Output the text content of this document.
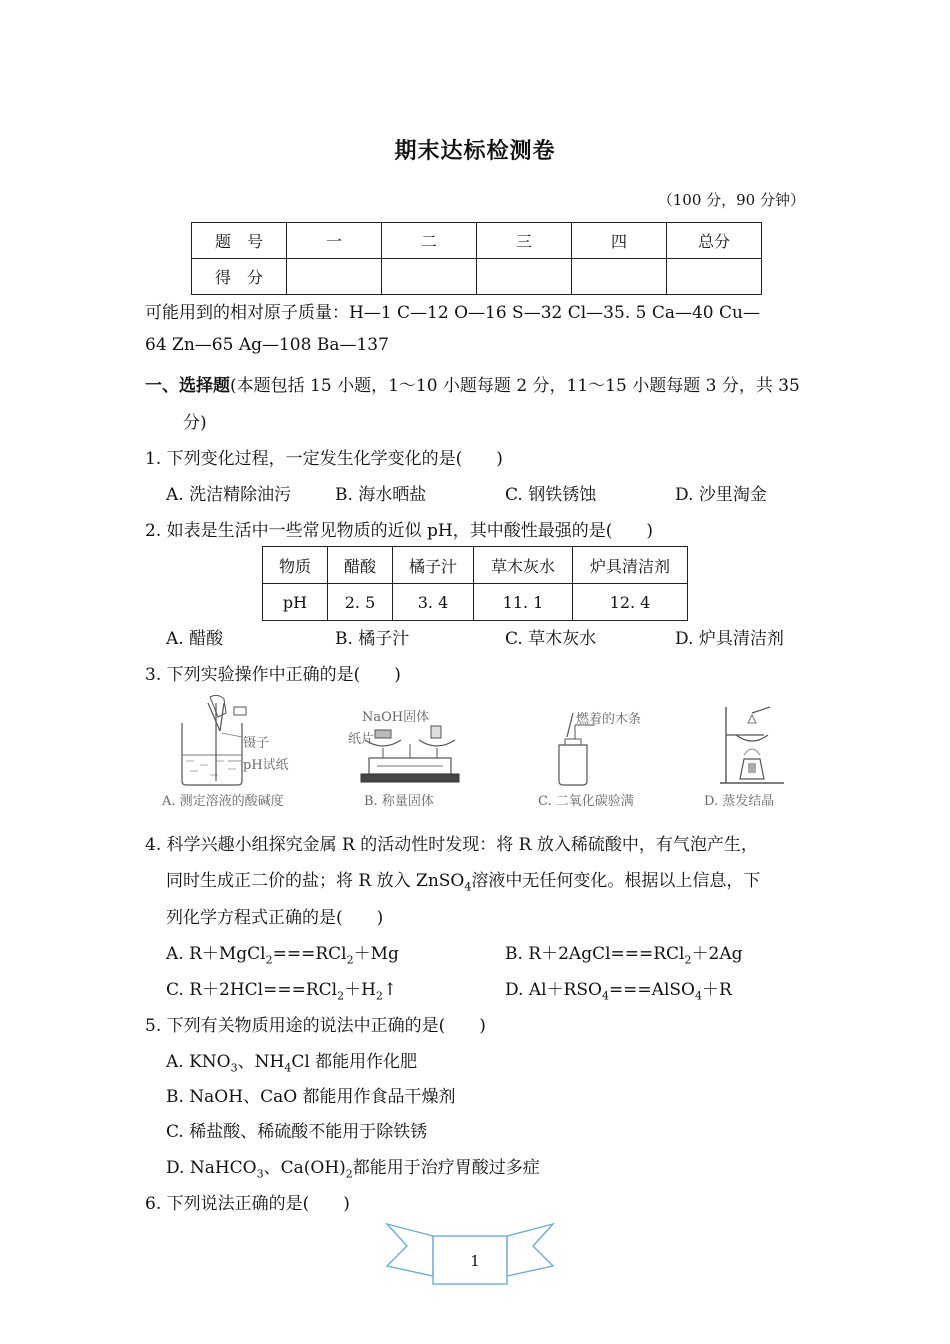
期末达标检测卷
（100 分，90 分钟）
题　号	一	二	三	四	总分
得　分					
可能用到的相对原子质量：H—1 C—12 O—16 S—32 Cl—35. 5 Ca—40 Cu—
64 Zn—65 Ag—108 Ba—137
一、选择题(本题包括 15 小题，1～10 小题每题 2 分，11～15 小题每题 3 分，共 35
分)
1. 下列变化过程，一定发生化学变化的是(　　)
A. 洗洁精除油污	B. 海水晒盐	C. 钢铁锈蚀	D. 沙里淘金
2. 如表是生活中一些常见物质的近似 pH，其中酸性最强的是(　　)
物质	醋酸	橘子汁	草木灰水	炉具清洁剂
pH	2. 5	3. 4	11. 1	12. 4
A. 醋酸	B. 橘子汁	C. 草木灰水	D. 炉具清洁剂
3. 下列实验操作中正确的是(　　)
镊子
pH试纸
A. 测定溶液的酸碱度
NaOH固体
纸片
B. 称量固体
燃着的木条
C. 二氧化碳验满	D. 蒸发结晶
4. 科学兴趣小组探究金属 R 的活动性时发现：将 R 放入稀硫酸中，有气泡产生，
同时生成正二价的盐；将 R 放入 ZnSO$_4$溶液中无任何变化。根据以上信息，下
列化学方程式正确的是(　　)
A. R＋MgCl$_2$===RCl$_2$＋Mg	B. R＋2AgCl===RCl$_2$＋2Ag
C. $R+2HCl===RCl_2+H_2↑$	D. $Al+RSO_4===AlSO_4+R$
5. 下列有关物质用途的说法中正确的是(　　)
A. $KNO_3$、$NH_4Cl$ 都能用作化肥
B. NaOH、CaO 都能用作食品干燥剂
C. 稀盐酸、稀硫酸不能用于除铁锈
D. NaHCO$_3$、$Ca(OH)_2$都能用于治疗胃酸过多症
6. 下列说法正确的是(　　)
1
